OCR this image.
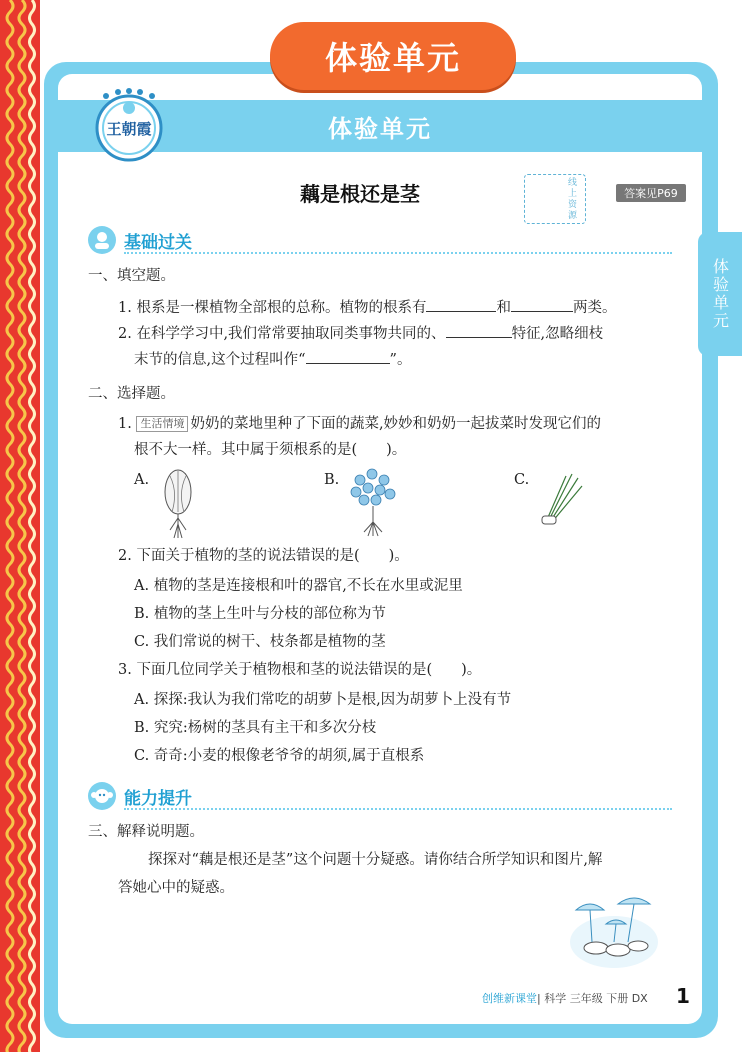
体验单元
体验单元
王朝霞
体验单元
藕是根还是茎	线上资源
答案见P69
基础过关
一、填空题。
1. 根系是一棵植物全部根的总称。植物的根系有	和	两类。
2. 在科学学习中,我们常常要抽取同类事物共同的、	特征,忽略细枝
末节的信息,这个过程叫作“	”。
二、选择题。
1. 生活情境 奶奶的菜地里种了下面的蔬菜,妙妙和奶奶一起拔菜时发现它们的
根不大一样。其中属于须根系的是(　　)。
A.	B.	C.
2. 下面关于植物的茎的说法错误的是(　　)。
A. 植物的茎是连接根和叶的器官,不长在水里或泥里
B. 植物的茎上生叶与分枝的部位称为节
C. 我们常说的树干、枝条都是植物的茎
3. 下面几位同学关于植物根和茎的说法错误的是(　　)。
A. 探探:我认为我们常吃的胡萝卜是根,因为胡萝卜上没有节
B. 究究:杨树的茎具有主干和多次分枝
C. 奇奇:小麦的根像老爷爷的胡须,属于直根系
能力提升
三、解释说明题。
探探对“藕是根还是茎”这个问题十分疑惑。请你结合所学知识和图片,解
答她心中的疑惑。
创维新课堂| 科学 三年级 下册 DX 1
